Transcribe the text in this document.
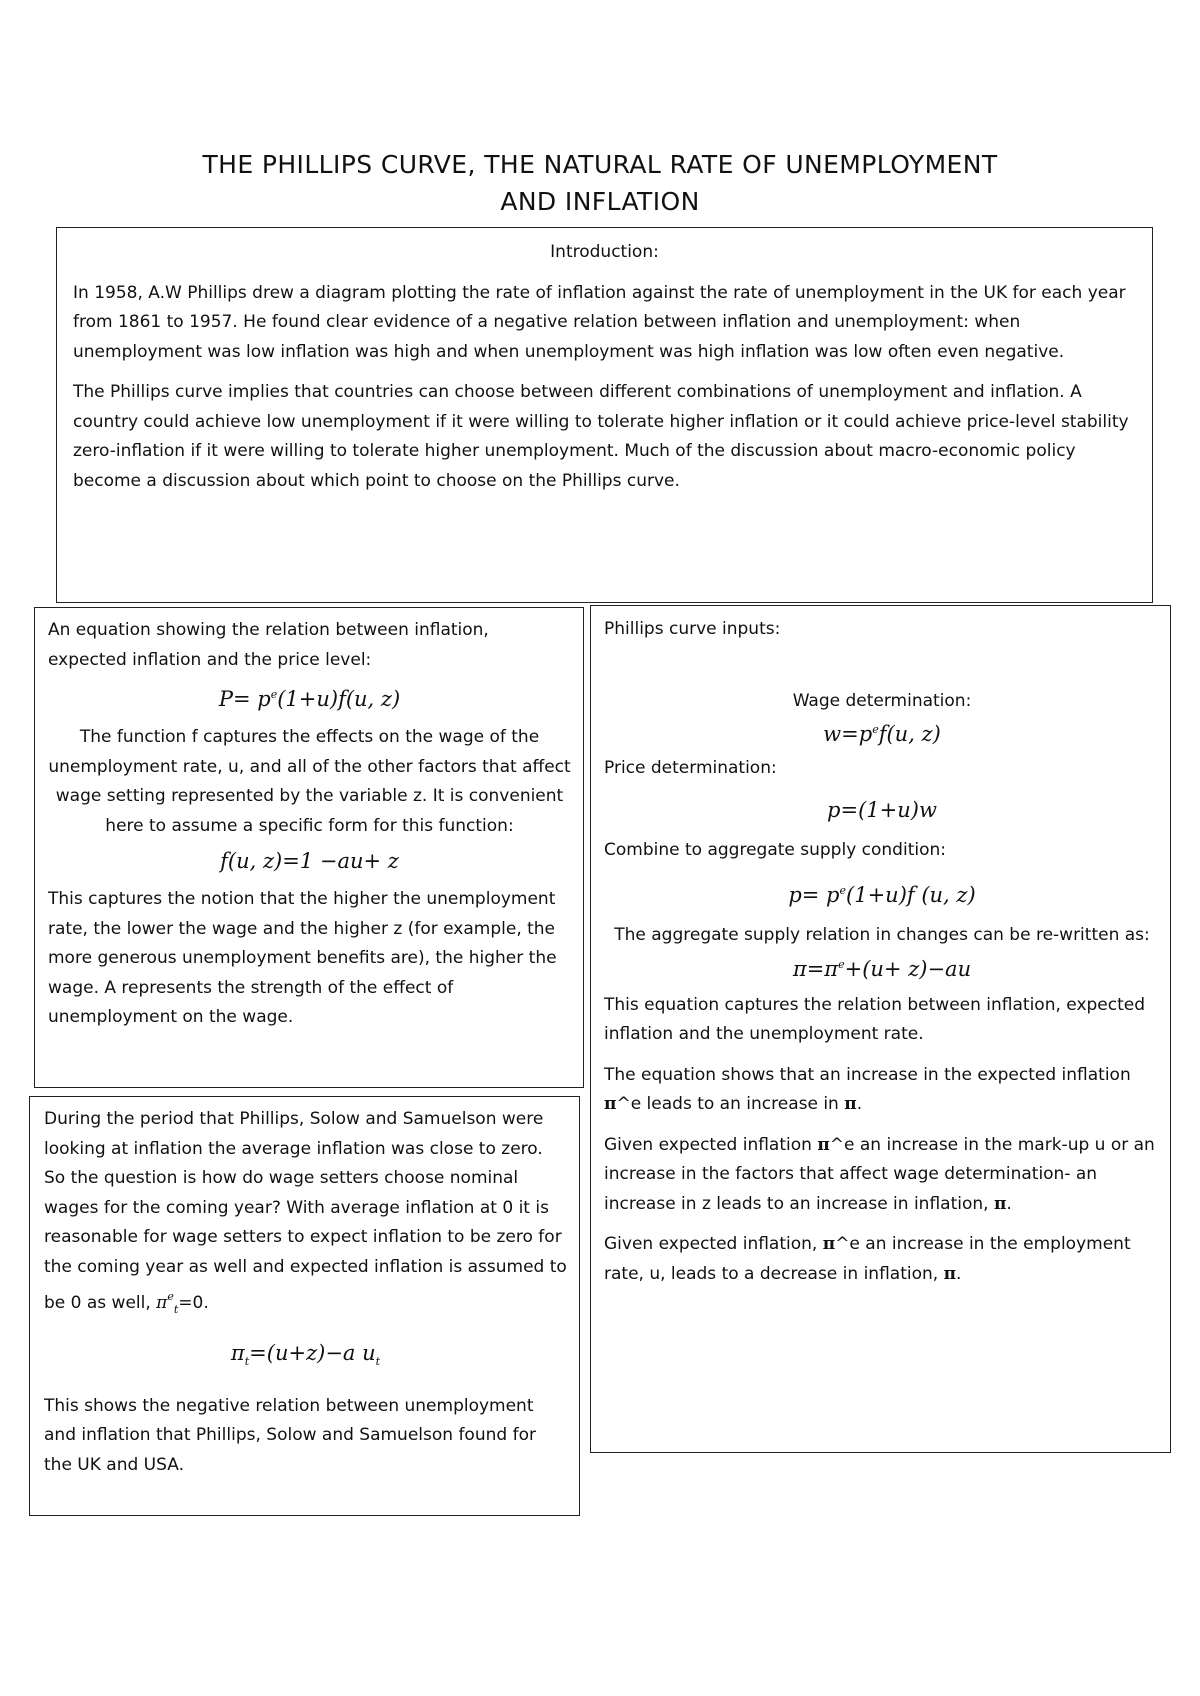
THE PHILLIPS CURVE, THE NATURAL RATE OF UNEMPLOYMENT
AND INFLATION

Introduction:

In 1958, A.W Phillips drew a diagram plotting the rate of inflation against the rate of unemployment in the UK for each year from 1861 to 1957. He found clear evidence of a negative relation between inflation and unemployment: when unemployment was low inflation was high and when unemployment was high inflation was low often even negative.

The Phillips curve implies that countries can choose between different combinations of unemployment and inflation. A country could achieve low unemployment if it were willing to tolerate higher inflation or it could achieve price-level stability zero-inflation if it were willing to tolerate higher unemployment. Much of the discussion about macro-economic policy become a discussion about which point to choose on the Phillips curve.

An equation showing the relation between inflation, expected inflation and the price level:
$P= p^e(1+u)f(u$, z)
The function f captures the effects on the wage of the unemployment rate, u, and all of the other factors that affect wage setting represented by the variable z. It is convenient here to assume a specific form for this function:
f(u, z)=1 −au+ z
This captures the notion that the higher the unemployment rate, the lower the wage and the higher z (for example, the more generous unemployment benefits are), the higher the wage. A represents the strength of the effect of unemployment on the wage.
During the period that Phillips, Solow and Samuelson were looking at inflation the average inflation was close to zero. So the question is how do wage setters choose nominal wages for the coming year? With average inflation at 0 it is reasonable for wage setters to expect inflation to be zero for the coming year as well and expected inflation is assumed to be 0 as well, $\pi^e_t=0$.
$\pi_t=(u+z)-a$ $u_t$
This shows the negative relation between unemployment and inflation that Phillips, Solow and Samuelson found for the UK and USA.
Phillips curve inputs:
Wage determination:
$w=p^ef(u$, z)
Price determination:
p=(1+u)w
Combine to aggregate supply condition:
$p= p^e(1+u)f$ (u, z)
The aggregate supply relation in changes can be re-written as:
$\pi=\pi^e+(u+ z)-au$

This equation captures the relation between inflation, expected inflation and the unemployment rate.

The equation shows that an increase in the expected inflation π^e leads to an increase in π.

Given expected inflation π^e an increase in the mark-up u or an increase in the factors that affect wage determination- an increase in z leads to an increase in inflation, π.

Given expected inflation, π^e an increase in the employment rate, u, leads to a decrease in inflation, π.
